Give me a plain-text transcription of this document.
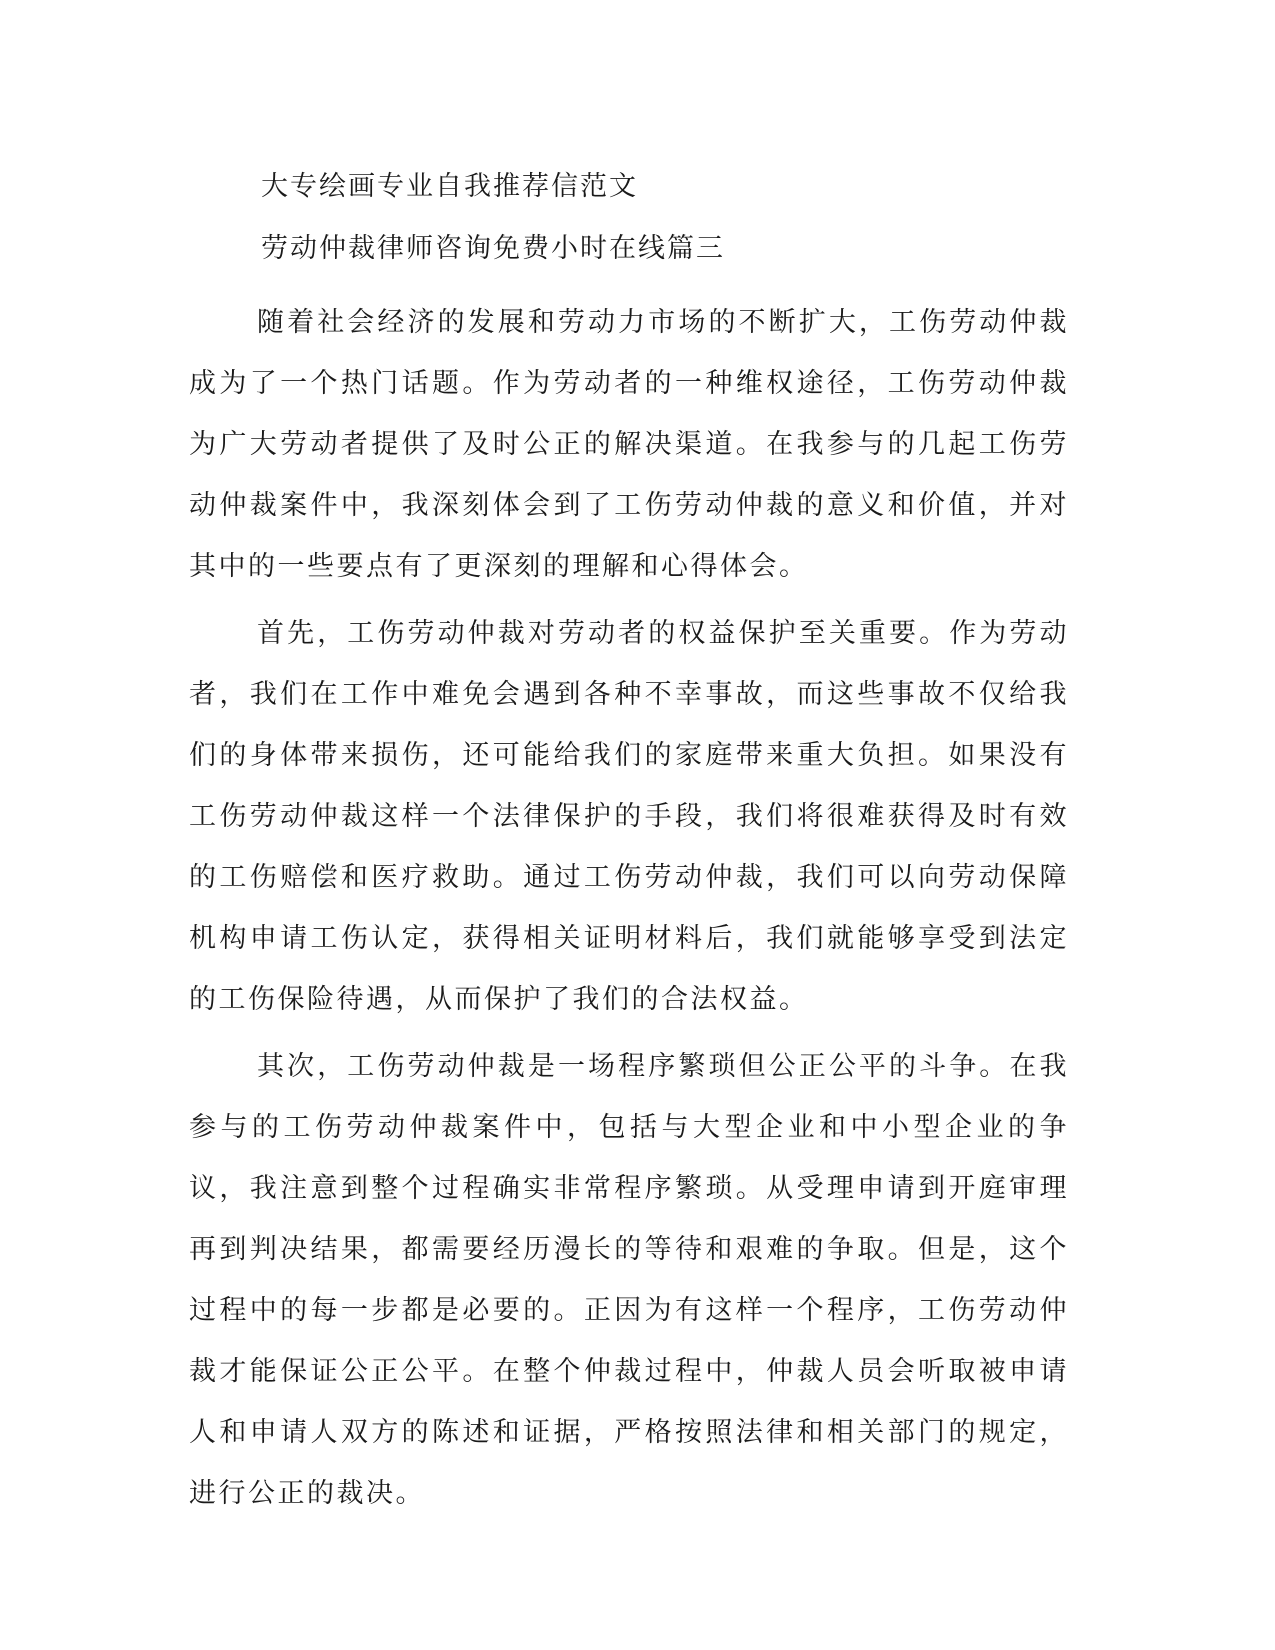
大专绘画专业自我推荐信范文

劳动仲裁律师咨询免费小时在线篇三

随着社会经济的发展和劳动力市场的不断扩大，工伤劳动仲裁成为了一个热门话题。作为劳动者的一种维权途径，工伤劳动仲裁为广大劳动者提供了及时公正的解决渠道。在我参与的几起工伤劳动仲裁案件中，我深刻体会到了工伤劳动仲裁的意义和价值，并对其中的一些要点有了更深刻的理解和心得体会。

首先，工伤劳动仲裁对劳动者的权益保护至关重要。作为劳动者，我们在工作中难免会遇到各种不幸事故，而这些事故不仅给我们的身体带来损伤，还可能给我们的家庭带来重大负担。如果没有工伤劳动仲裁这样一个法律保护的手段，我们将很难获得及时有效的工伤赔偿和医疗救助。通过工伤劳动仲裁，我们可以向劳动保障机构申请工伤认定，获得相关证明材料后，我们就能够享受到法定的工伤保险待遇，从而保护了我们的合法权益。

其次，工伤劳动仲裁是一场程序繁琐但公正公平的斗争。在我参与的工伤劳动仲裁案件中，包括与大型企业和中小型企业的争议，我注意到整个过程确实非常程序繁琐。从受理申请到开庭审理再到判决结果，都需要经历漫长的等待和艰难的争取。但是，这个过程中的每一步都是必要的。正因为有这样一个程序，工伤劳动仲裁才能保证公正公平。在整个仲裁过程中，仲裁人员会听取被申请人和申请人双方的陈述和证据，严格按照法律和相关部门的规定，进行公正的裁决。
